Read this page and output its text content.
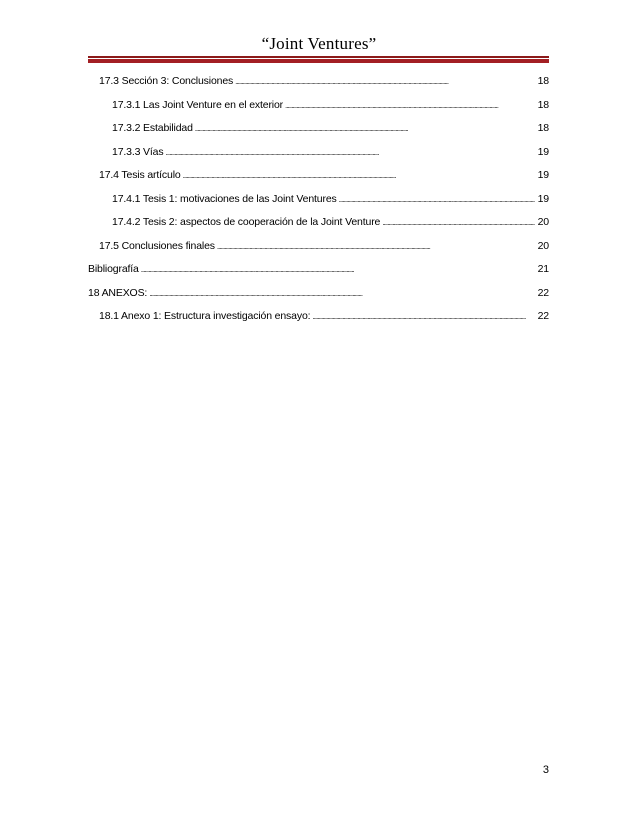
“Joint Ventures”
17.3 Sección 3: Conclusiones . . .	18
17.3.1 Las Joint Venture en el exterior . . .	18
17.3.2 Estabilidad . . .	18
17.3.3 Vías . . .	19
17.4 Tesis artículo . . .	19
17.4.1 Tesis 1: motivaciones de las Joint Ventures . . .	19
17.4.2 Tesis 2: aspectos de cooperación de la Joint Venture . . .	20
17.5 Conclusiones finales . . .	20
Bibliografía . . .	21
18 ANEXOS: . . .	22
18.1 Anexo 1: Estructura investigación ensayo: . . .	22
3
